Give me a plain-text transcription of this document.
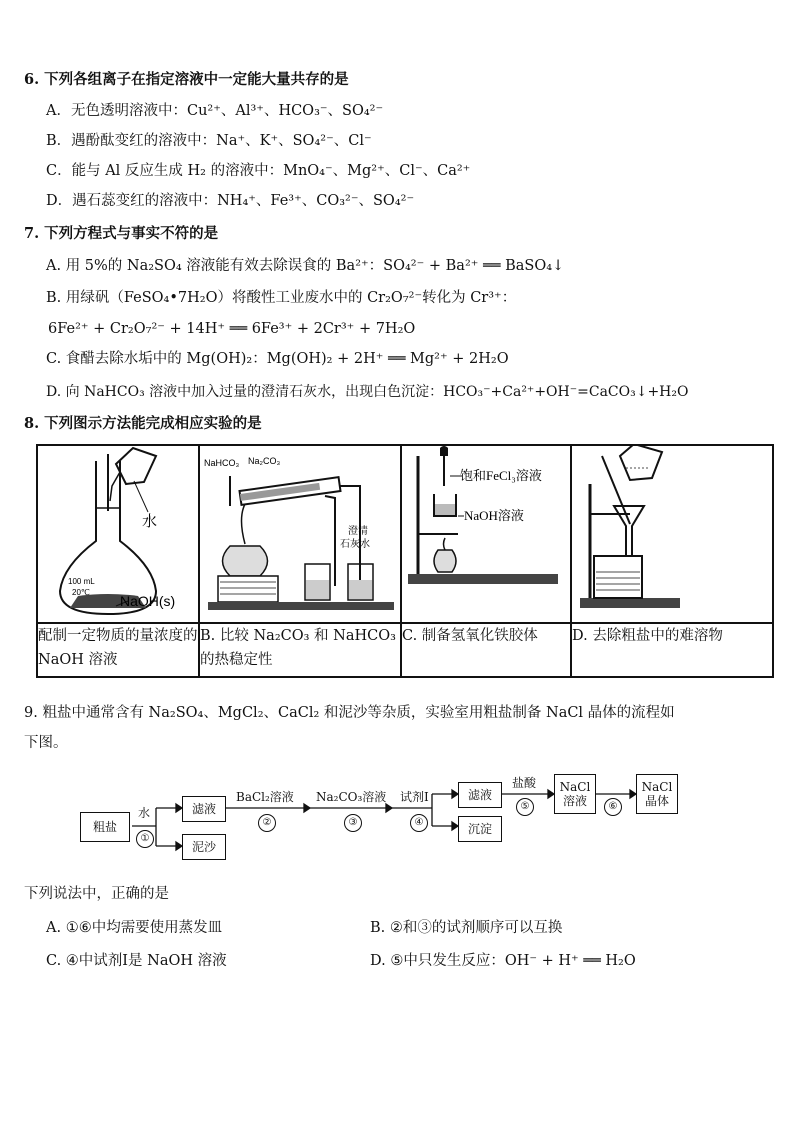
6. 下列各组离子在指定溶液中一定能大量共存的是
A．无色透明溶液中：Cu²⁺、Al³⁺、HCO₃⁻、SO₄²⁻
B．遇酚酞变红的溶液中：Na⁺、K⁺、SO₄²⁻、Cl⁻
C．能与 Al 反应生成 H₂ 的溶液中：MnO₄⁻、Mg²⁺、Cl⁻、Ca²⁺
D．遇石蕊变红的溶液中：NH₄⁺、Fe³⁺、CO₃²⁻、SO₄²⁻
7. 下列方程式与事实不符的是
A. 用 5%的 Na₂SO₄ 溶液能有效去除误食的 Ba²⁺：SO₄²⁻ + Ba²⁺ ══ BaSO₄↓
B. 用绿矾（FeSO₄•7H₂O）将酸性工业废水中的 Cr₂O₇²⁻转化为 Cr³⁺：
6Fe²⁺ + Cr₂O₇²⁻ + 14H⁺ ══ 6Fe³⁺ + 2Cr³⁺ + 7H₂O
C. 食醋去除水垢中的 Mg(OH)₂：Mg(OH)₂ + 2H⁺ ══ Mg²⁺ + 2H₂O
D. 向 NaHCO₃ 溶液中加入过量的澄清石灰水，出现白色沉淀：HCO₃⁻+Ca²⁺+OH⁻=CaCO₃↓+H₂O
8. 下列图示方法能完成相应实验的是
水
100 mL
20℃
NaOH(s)	NaHCO₃ Na₂CO₃
澄清
石灰水	饱和FeCl₃溶液
NaOH溶液

配制一定物质的量浓度的 NaOH 溶液	B. 比较 Na₂CO₃ 和 NaHCO₃ 的热稳定性	C. 制备氢氧化铁胶体	D. 去除粗盐中的难溶物
9. 粗盐中通常含有 Na₂SO₄、MgCl₂、CaCl₂ 和泥沙等杂质，实验室用粗盐制备 NaCl 晶体的流程如
下图。
粗盐
水
①
滤液
泥沙
BaCl₂溶液
②
Na₂CO₃溶液
③
试剂Ⅰ
④
滤液
沉淀
盐酸
⑤
NaCl
溶液	⑥
NaCl
晶体
下列说法中，正确的是
A. ①⑥中均需要使用蒸发皿	B. ②和③的试剂顺序可以互换
C. ④中试剂Ⅰ是 NaOH 溶液	D. ⑤中只发生反应：OH⁻ + H⁺ ══ H₂O
